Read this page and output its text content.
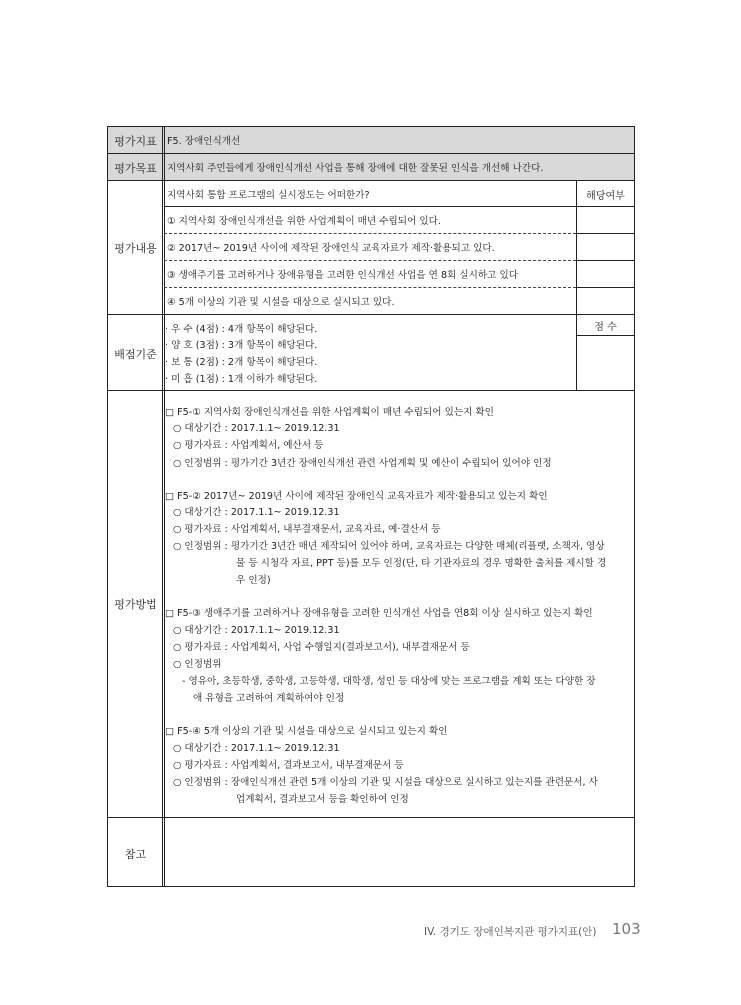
평가지표
평가목표
평가내용
배점기준
평가방법
참고
F5. 장애인식개선
지역사회 주민들에게 장애인식개선 사업을 통해 장애에 대한 잘못된 인식을 개선해 나간다.
지역사회 통합 프로그램의 실시정도는 어떠한가?	해당여부
① 지역사회 장애인식개선을 위한 사업계획이 매년 수립되어 있다.
② 2017년~ 2019년 사이에 제작된 장애인식 교육자료가 제작·활용되고 있다.
③ 생애주기를 고려하거나 장애유형을 고려한 인식개선 사업을 연 8회 실시하고 있다
④ 5개 이상의 기관 및 시설을 대상으로 실시되고 있다.
· 우 수 (4점) : 4개 항목이 해당된다.
· 양 호 (3점) : 3개 항목이 해당된다.
· 보 통 (2점) : 2개 항목이 해당된다.
· 미 흡 (1점) : 1개 이하가 해당된다.
점 수
□ F5-① 지역사회 장애인식개선을 위한 사업계획이 매년 수립되어 있는지 확인
○ 대상기간 : 2017.1.1~ 2019.12.31
○ 평가자료 : 사업계획서, 예산서 등
○ 인정범위 : 평가기간 3년간 장애인식개선 관련 사업계획 및 예산이 수립되어 있어야 인정
□ F5-② 2017년~ 2019년 사이에 제작된 장애인식 교육자료가 제작·활용되고 있는지 확인
○ 대상기간 : 2017.1.1~ 2019.12.31
○ 평가자료 : 사업계획서, 내부결재문서, 교육자료, 예·결산서 등
○ 인정범위 : 평가기간 3년간 매년 제작되어 있어야 하며, 교육자료는 다양한 매체(리플랫, 소책자, 영상
물 등 시청각 자료, PPT 등)를 모두 인정(단, 타 기관자료의 경우 명확한 출처를 제시할 경
우 인정)
□ F5-③ 생애주기를 고려하거나 장애유형을 고려한 인식개선 사업을 연8회 이상 실시하고 있는지 확인
○ 대상기간 : 2017.1.1~ 2019.12.31
○ 평가자료 : 사업계획서, 사업 수행일지(결과보고서), 내부결재문서 등
○ 인정범위
- 영유아, 초등학생, 중학생, 고등학생, 대학생, 성인 등 대상에 맞는 프로그램을 계획 또는 다양한 장
애 유형을 고려하여 계획하여야 인정
□ F5-④ 5개 이상의 기관 및 시설을 대상으로 실시되고 있는지 확인
○ 대상기간 : 2017.1.1~ 2019.12.31
○ 평가자료 : 사업계획서, 결과보고서, 내부결재문서 등
○ 인정범위 : 장애인식개선 관련 5개 이상의 기관 및 시설을 대상으로 실시하고 있는지를 관련문서, 사
업계획서, 결과보고서 등을 확인하여 인정
IV. 경기도 장애인복지관 평가지표(안) 103
